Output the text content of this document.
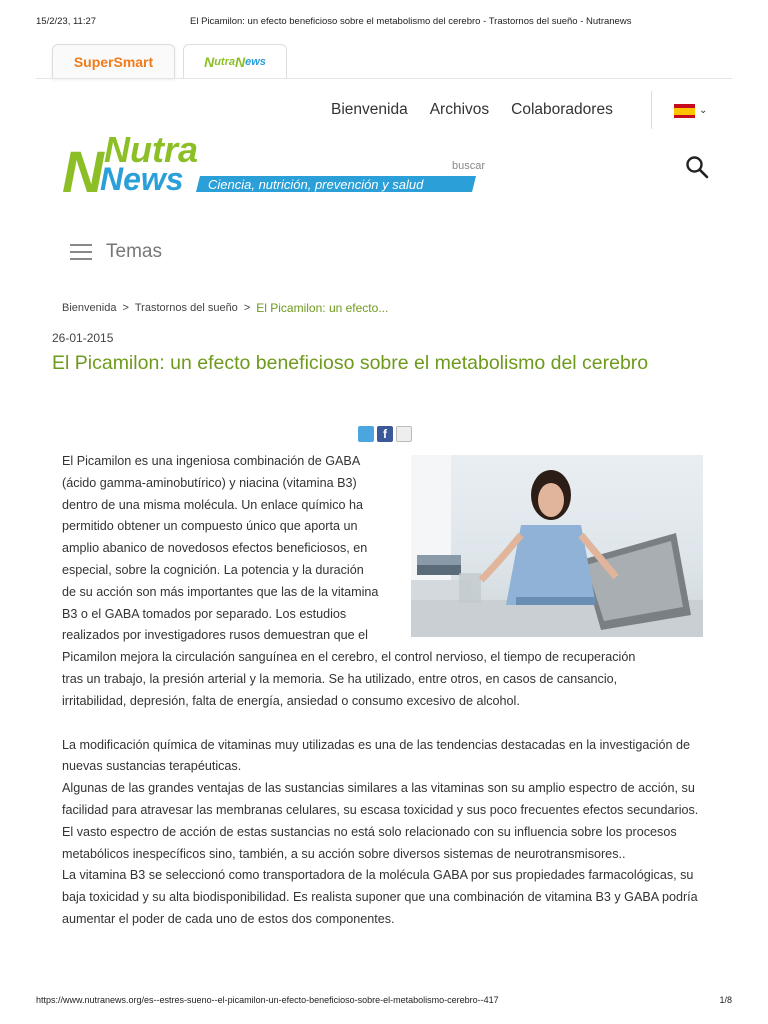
15/2/23, 11:27	El Picamilon: un efecto beneficioso sobre el metabolismo del cerebro - Trastornos del sueño - Nutranews
SuperSmart	N utra N ews
Bienvenida Archivos Colaboradores	⌄
N Nutra
News Ciencia, nutrición, prevención y salud
buscar
Temas
Bienvenida > Trastornos del sueño > El Picamilon: un efecto...
26-01-2015
El Picamilon: un efecto beneficioso sobre el metabolismo del cerebro
f

El Picamilon es una ingeniosa combinación de GABA

(ácido gamma-aminobutírico) y niacina (vitamina B3)

dentro de una misma molécula. Un enlace químico ha

permitido obtener un compuesto único que aporta un

amplio abanico de novedosos efectos beneficiosos, en

especial, sobre la cognición. La potencia y la duración

de su acción son más importantes que las de la vitamina

B3 o el GABA tomados por separado. Los estudios

realizados por investigadores rusos demuestran que el

Picamilon mejora la circulación sanguínea en el cerebro, el control nervioso, el tiempo de recuperación

tras un trabajo, la presión arterial y la memoria. Se ha utilizado, entre otros, en casos de cansancio,

irritabilidad, depresión, falta de energía, ansiedad o consumo excesivo de alcohol.

La modificación química de vitaminas muy utilizadas es una de las tendencias destacadas en la investigación de nuevas sustancias terapéuticas.

Algunas de las grandes ventajas de las sustancias similares a las vitaminas son su amplio espectro de acción, su facilidad para atravesar las membranas celulares, su escasa toxicidad y sus poco frecuentes efectos secundarios.

El vasto espectro de acción de estas sustancias no está solo relacionado con su influencia sobre los procesos metabólicos inespecíficos sino, también, a su acción sobre diversos sistemas de neurotransmisores..

La vitamina B3 se seleccionó como transportadora de la molécula GABA por sus propiedades farmacológicas, su baja toxicidad y su alta biodisponibilidad. Es realista suponer que una combinación de vitamina B3 y GABA podría aumentar el poder de cada uno de estos dos componentes.

https://www.nutranews.org/es--estres-sueno--el-picamilon-un-efecto-beneficioso-sobre-el-metabolismo-cerebro--417	1/8
